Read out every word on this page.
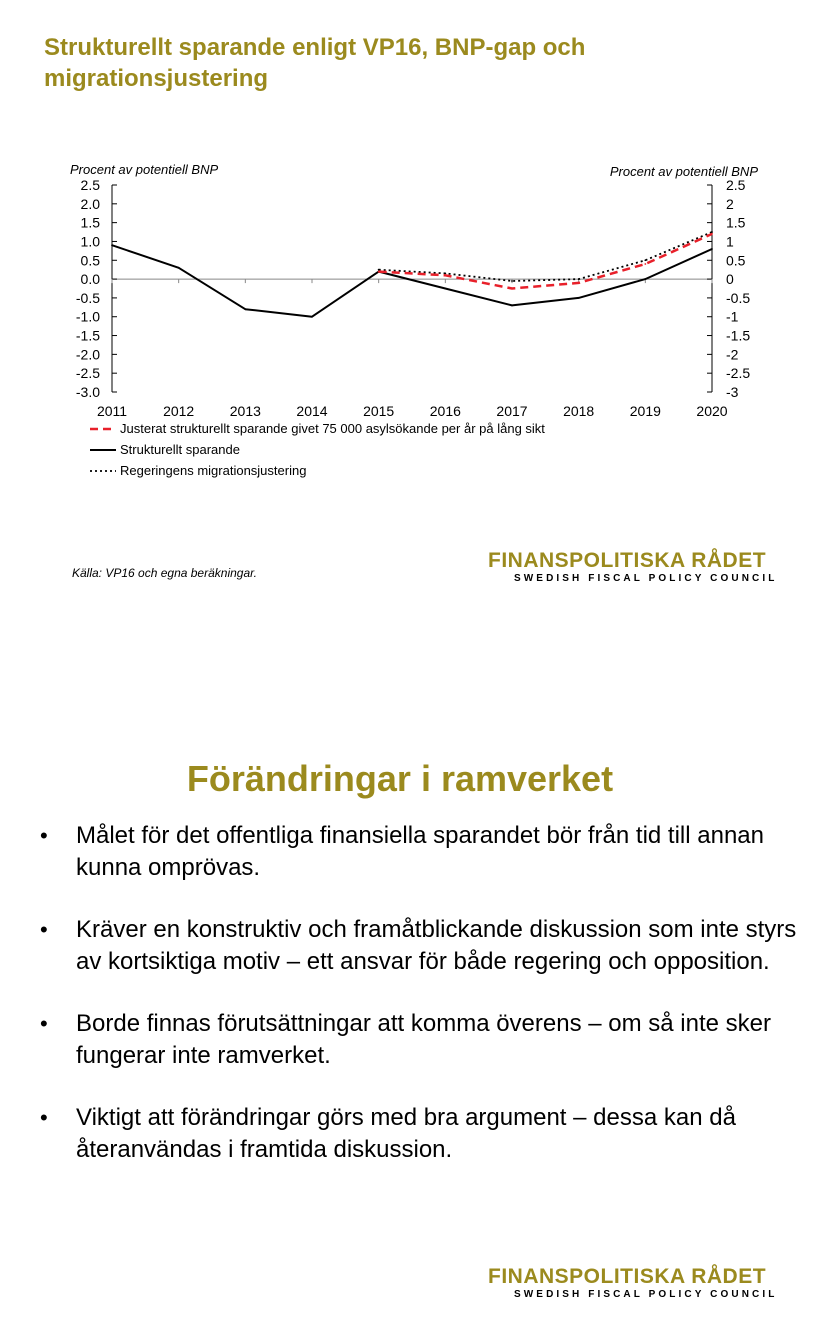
Strukturellt sparande enligt VP16, BNP-gap och migrationsjustering
2.5
2.0
1.5
1.0
0.5
0.0
-0.5
-1.0
-1.5
-2.0
-2.5
-3.0
2.5
2
1.5
1
0.5
0
-0.5
-1
-1.5
-2
-2.5
-3
2011	2012	2013	2014	2015	2016	2017	2018	2019	2020
Procent av potentiell BNP	Procent av potentiell BNP
Justerat strukturellt sparande givet 75 000 asylsökande per år på lång sikt
Strukturellt sparande
Regeringens migrationsjustering
Källa: VP16 och egna beräkningar.
FINANSPOLITISKA RÅDET
SWEDISH FISCAL POLICY COUNCIL
Förändringar i ramverket
• Målet för det offentliga finansiella sparandet bör från tid till annan kunna omprövas.
• Kräver en konstruktiv och framåtblickande diskussion som inte styrs av kortsiktiga motiv – ett ansvar för både regering och opposition.
• Borde finnas förutsättningar att komma överens – om så inte sker fungerar inte ramverket.
• Viktigt att förändringar görs med bra argument – dessa kan då återanvändas i framtida diskussion.
FINANSPOLITISKA RÅDET
SWEDISH FISCAL POLICY COUNCIL
